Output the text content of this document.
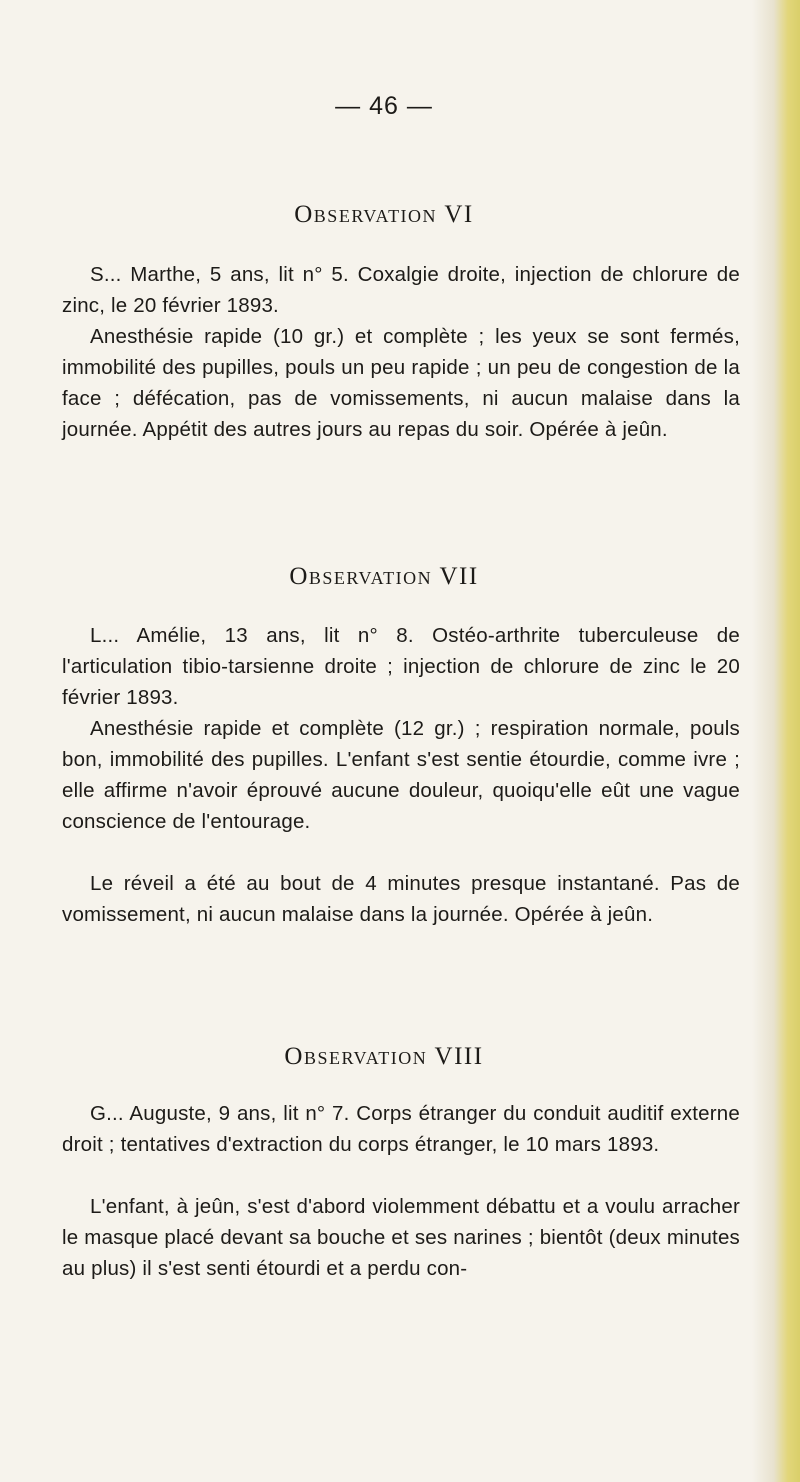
— 46 —
Observation VI

S... Marthe, 5 ans, lit n° 5. Coxalgie droite, injection de chlorure de zinc, le 20 février 1893.

Anesthésie rapide (10 gr.) et complète ; les yeux se sont fermés, immobilité des pupilles, pouls un peu rapide ; un peu de congestion de la face ; défécation, pas de vomissements, ni aucun malaise dans la journée. Appétit des autres jours au repas du soir. Opérée à jeûn.

Observation VII

L... Amélie, 13 ans, lit n° 8. Ostéo-arthrite tuberculeuse de l'articulation tibio-tarsienne droite ; injection de chlorure de zinc le 20 février 1893.

Anesthésie rapide et complète (12 gr.) ; respiration normale, pouls bon, immobilité des pupilles. L'enfant s'est sentie étourdie, comme ivre ; elle affirme n'avoir éprouvé aucune douleur, quoiqu'elle eût une vague conscience de l'entourage.

Le réveil a été au bout de 4 minutes presque instantané. Pas de vomissement, ni aucun malaise dans la journée. Opérée à jeûn.

Observation VIII

G... Auguste, 9 ans, lit n° 7. Corps étranger du conduit auditif externe droit ; tentatives d'extraction du corps étranger, le 10 mars 1893.

L'enfant, à jeûn, s'est d'abord violemment débattu et a voulu arracher le masque placé devant sa bouche et ses narines ; bientôt (deux minutes au plus) il s'est senti étourdi et a perdu con-
